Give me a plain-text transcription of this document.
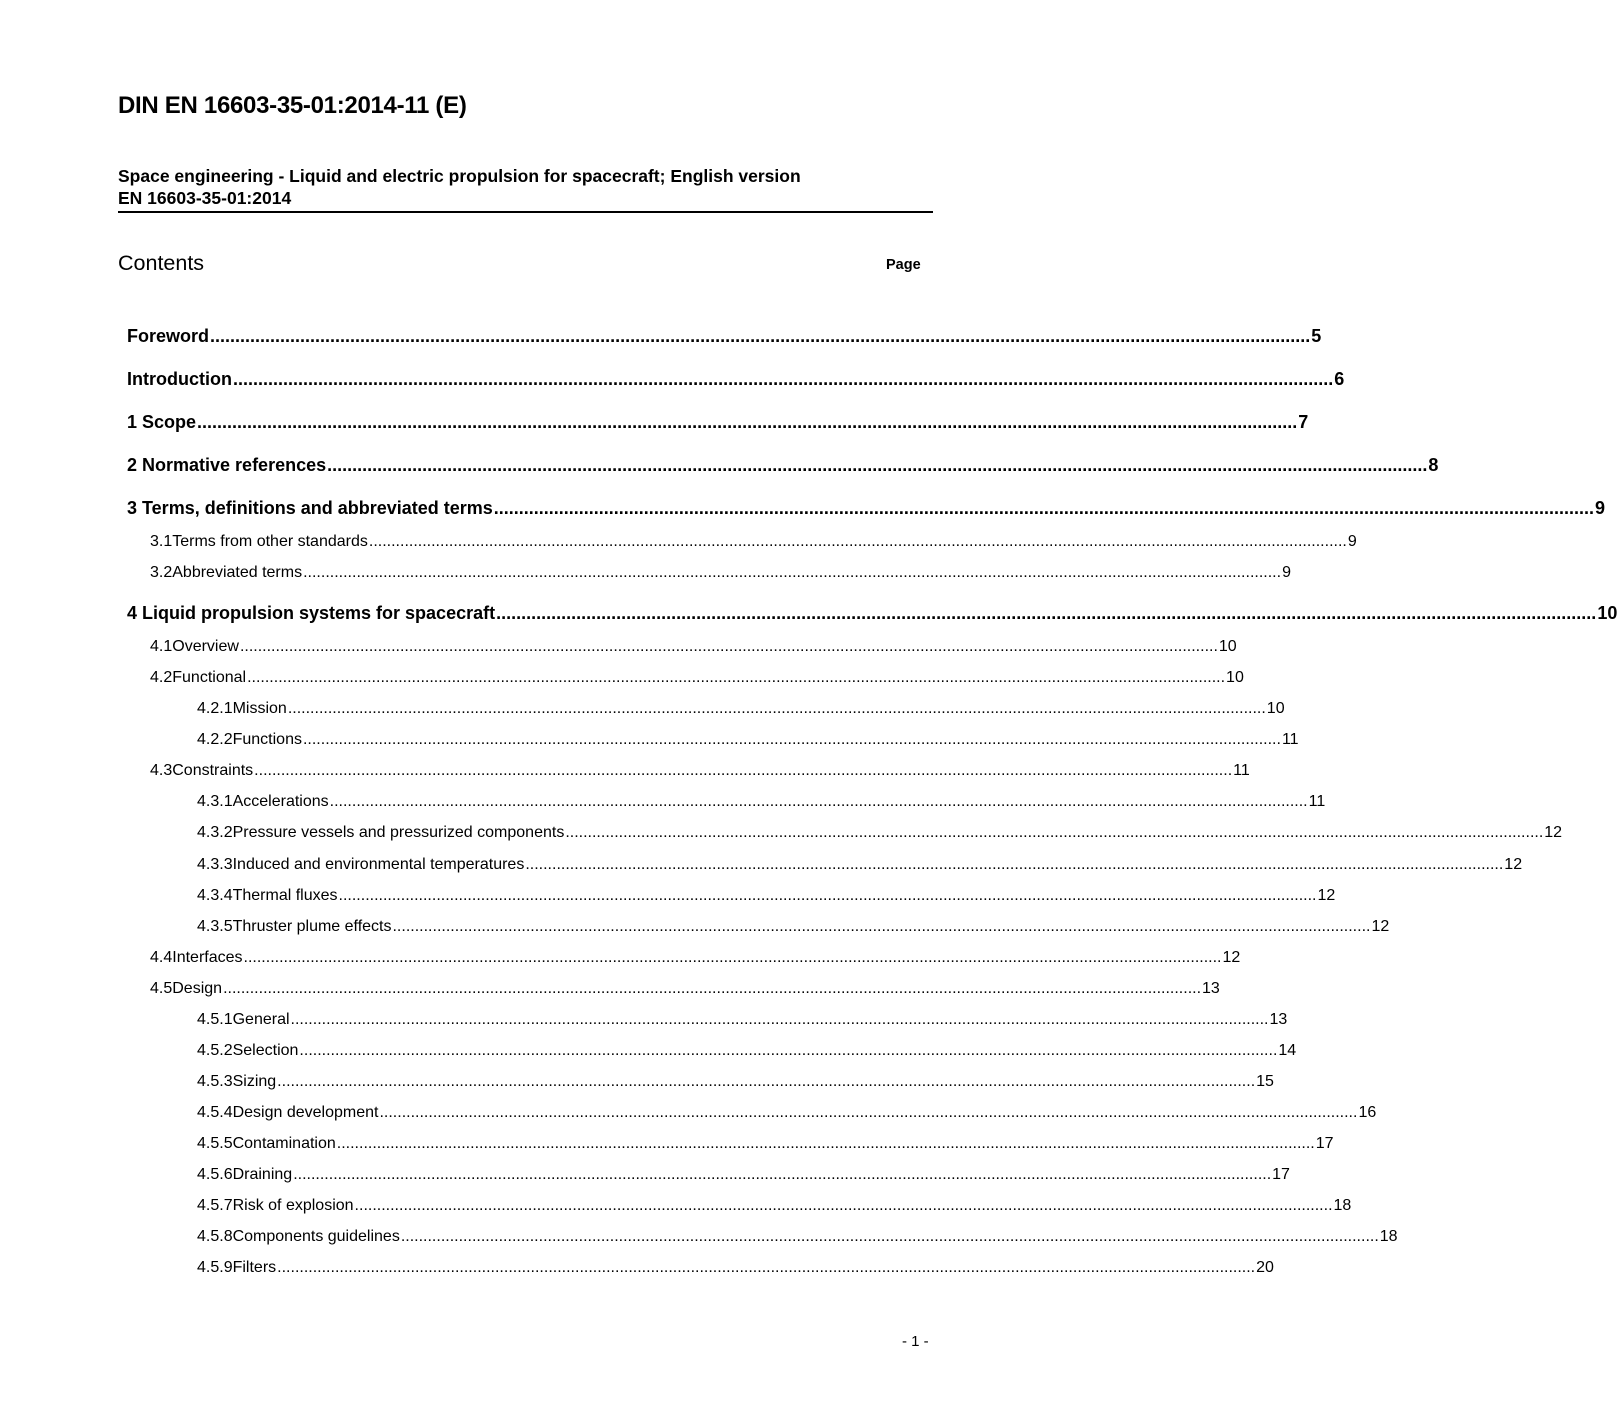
DIN EN 16603-35-01:2014-11 (E)
Space engineering - Liquid and electric propulsion for spacecraft; English version
EN 16603-35-01:2014
Contents	Page
Foreword ............................................................................................................................................................................................................................ 5
Introduction ............................................................................................................................................................................................................................ 6
1 Scope ............................................................................................................................................................................................................................ 7
2 Normative references ............................................................................................................................................................................................................................ 8
3 Terms, definitions and abbreviated terms ............................................................................................................................................................................................................................ 9
3.1 Terms from other standards ............................................................................................................................................................................................................................ 9
3.2 Abbreviated terms ............................................................................................................................................................................................................................ 9
4 Liquid propulsion systems for spacecraft ............................................................................................................................................................................................................................ 10
4.1 Overview ............................................................................................................................................................................................................................ 10
4.2 Functional ............................................................................................................................................................................................................................ 10
4.2.1 Mission ............................................................................................................................................................................................................................ 10
4.2.2 Functions ............................................................................................................................................................................................................................ 11
4.3 Constraints ............................................................................................................................................................................................................................ 11
4.3.1 Accelerations ............................................................................................................................................................................................................................ 11
4.3.2 Pressure vessels and pressurized components ............................................................................................................................................................................................................................ 12
4.3.3 Induced and environmental temperatures ............................................................................................................................................................................................................................ 12
4.3.4 Thermal fluxes ............................................................................................................................................................................................................................ 12
4.3.5 Thruster plume effects ............................................................................................................................................................................................................................ 12
4.4 Interfaces ............................................................................................................................................................................................................................ 12
4.5 Design ............................................................................................................................................................................................................................ 13
4.5.1 General ............................................................................................................................................................................................................................ 13
4.5.2 Selection ............................................................................................................................................................................................................................ 14
4.5.3 Sizing ............................................................................................................................................................................................................................ 15
4.5.4 Design development ............................................................................................................................................................................................................................ 16
4.5.5 Contamination ............................................................................................................................................................................................................................ 17
4.5.6 Draining ............................................................................................................................................................................................................................ 17
4.5.7 Risk of explosion ............................................................................................................................................................................................................................ 18
4.5.8 Components guidelines ............................................................................................................................................................................................................................ 18
4.5.9 Filters ............................................................................................................................................................................................................................ 20
- 1 -
